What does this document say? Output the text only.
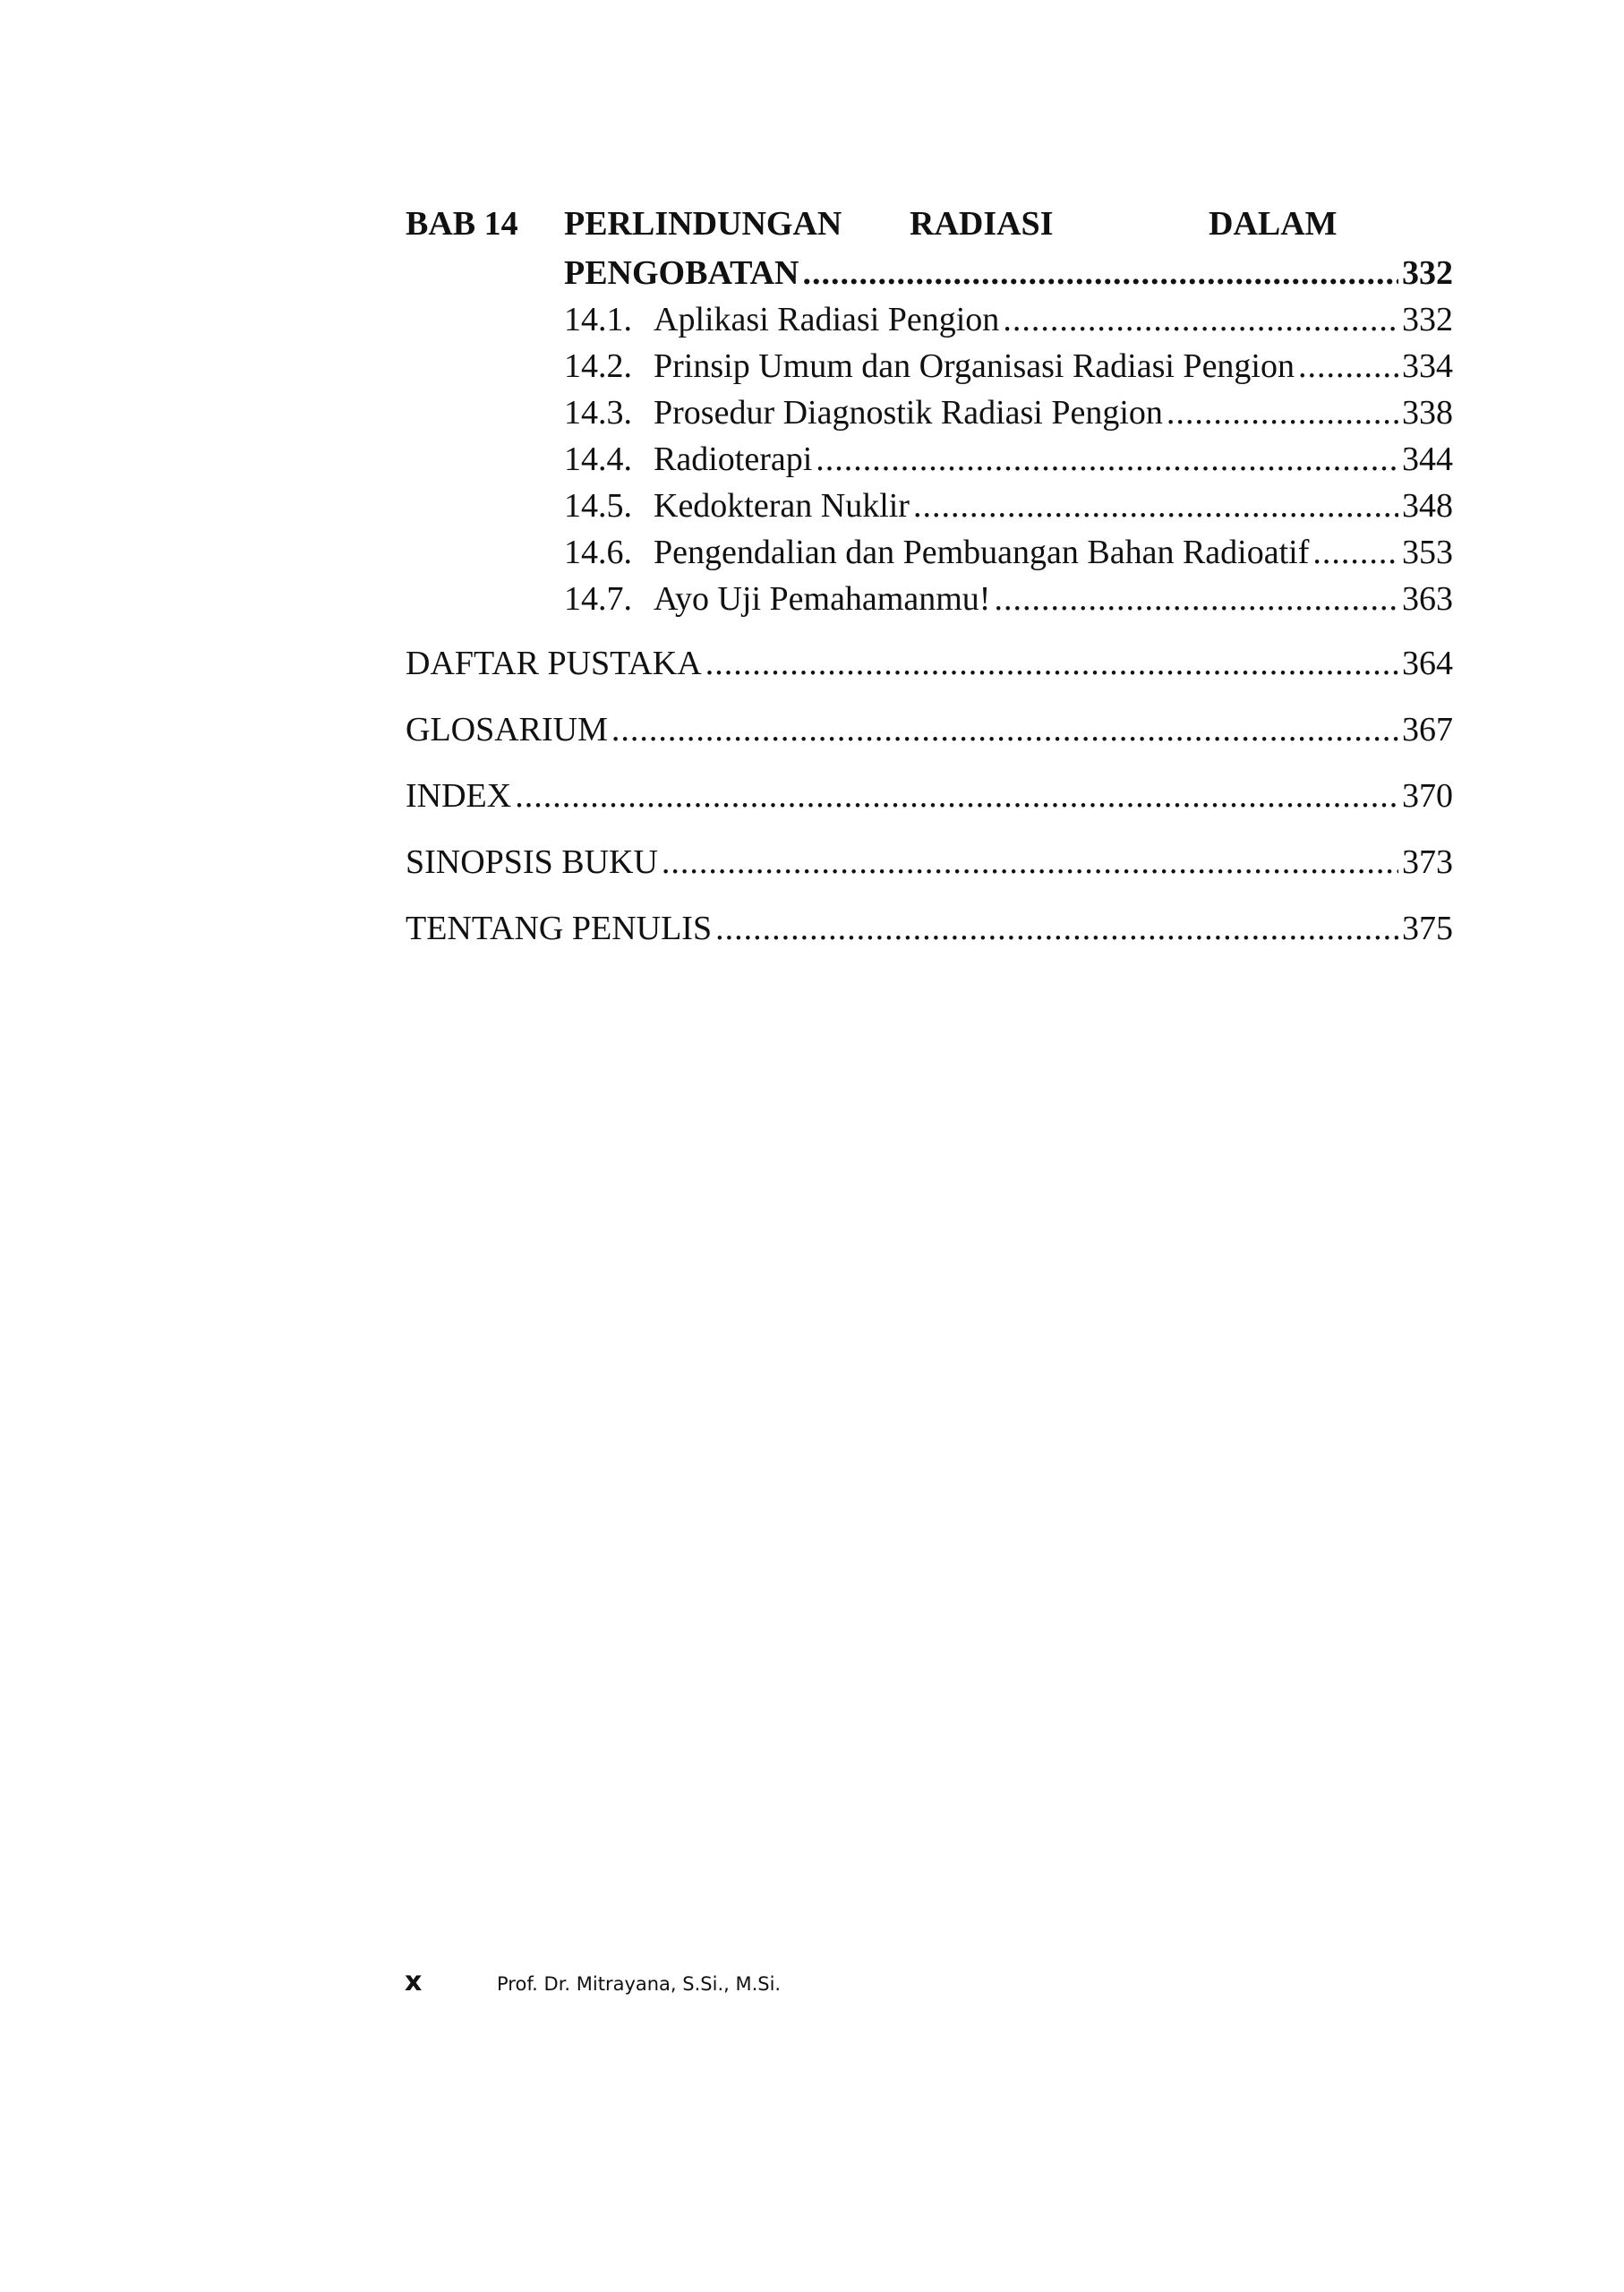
BAB 14 PERLINDUNGAN RADIASI	DALAM
PENGOBATAN .....	332
14.1. Aplikasi Radiasi Pengion .....	332
14.2. Prinsip Umum dan Organisasi Radiasi Pengion .....	334
14.3. Prosedur Diagnostik Radiasi Pengion .....	338
14.4. Radioterapi .....	344
14.5. Kedokteran Nuklir .....	348
14.6. Pengendalian dan Pembuangan Bahan Radioatif .....	353
14.7. Ayo Uji Pemahamanmu! .....	363
DAFTAR PUSTAKA .....	364
GLOSARIUM .....	367
INDEX .....	370
SINOPSIS BUKU .....	373
TENTANG PENULIS .....	375
x	Prof. Dr. Mitrayana, S.Si., M.Si.
